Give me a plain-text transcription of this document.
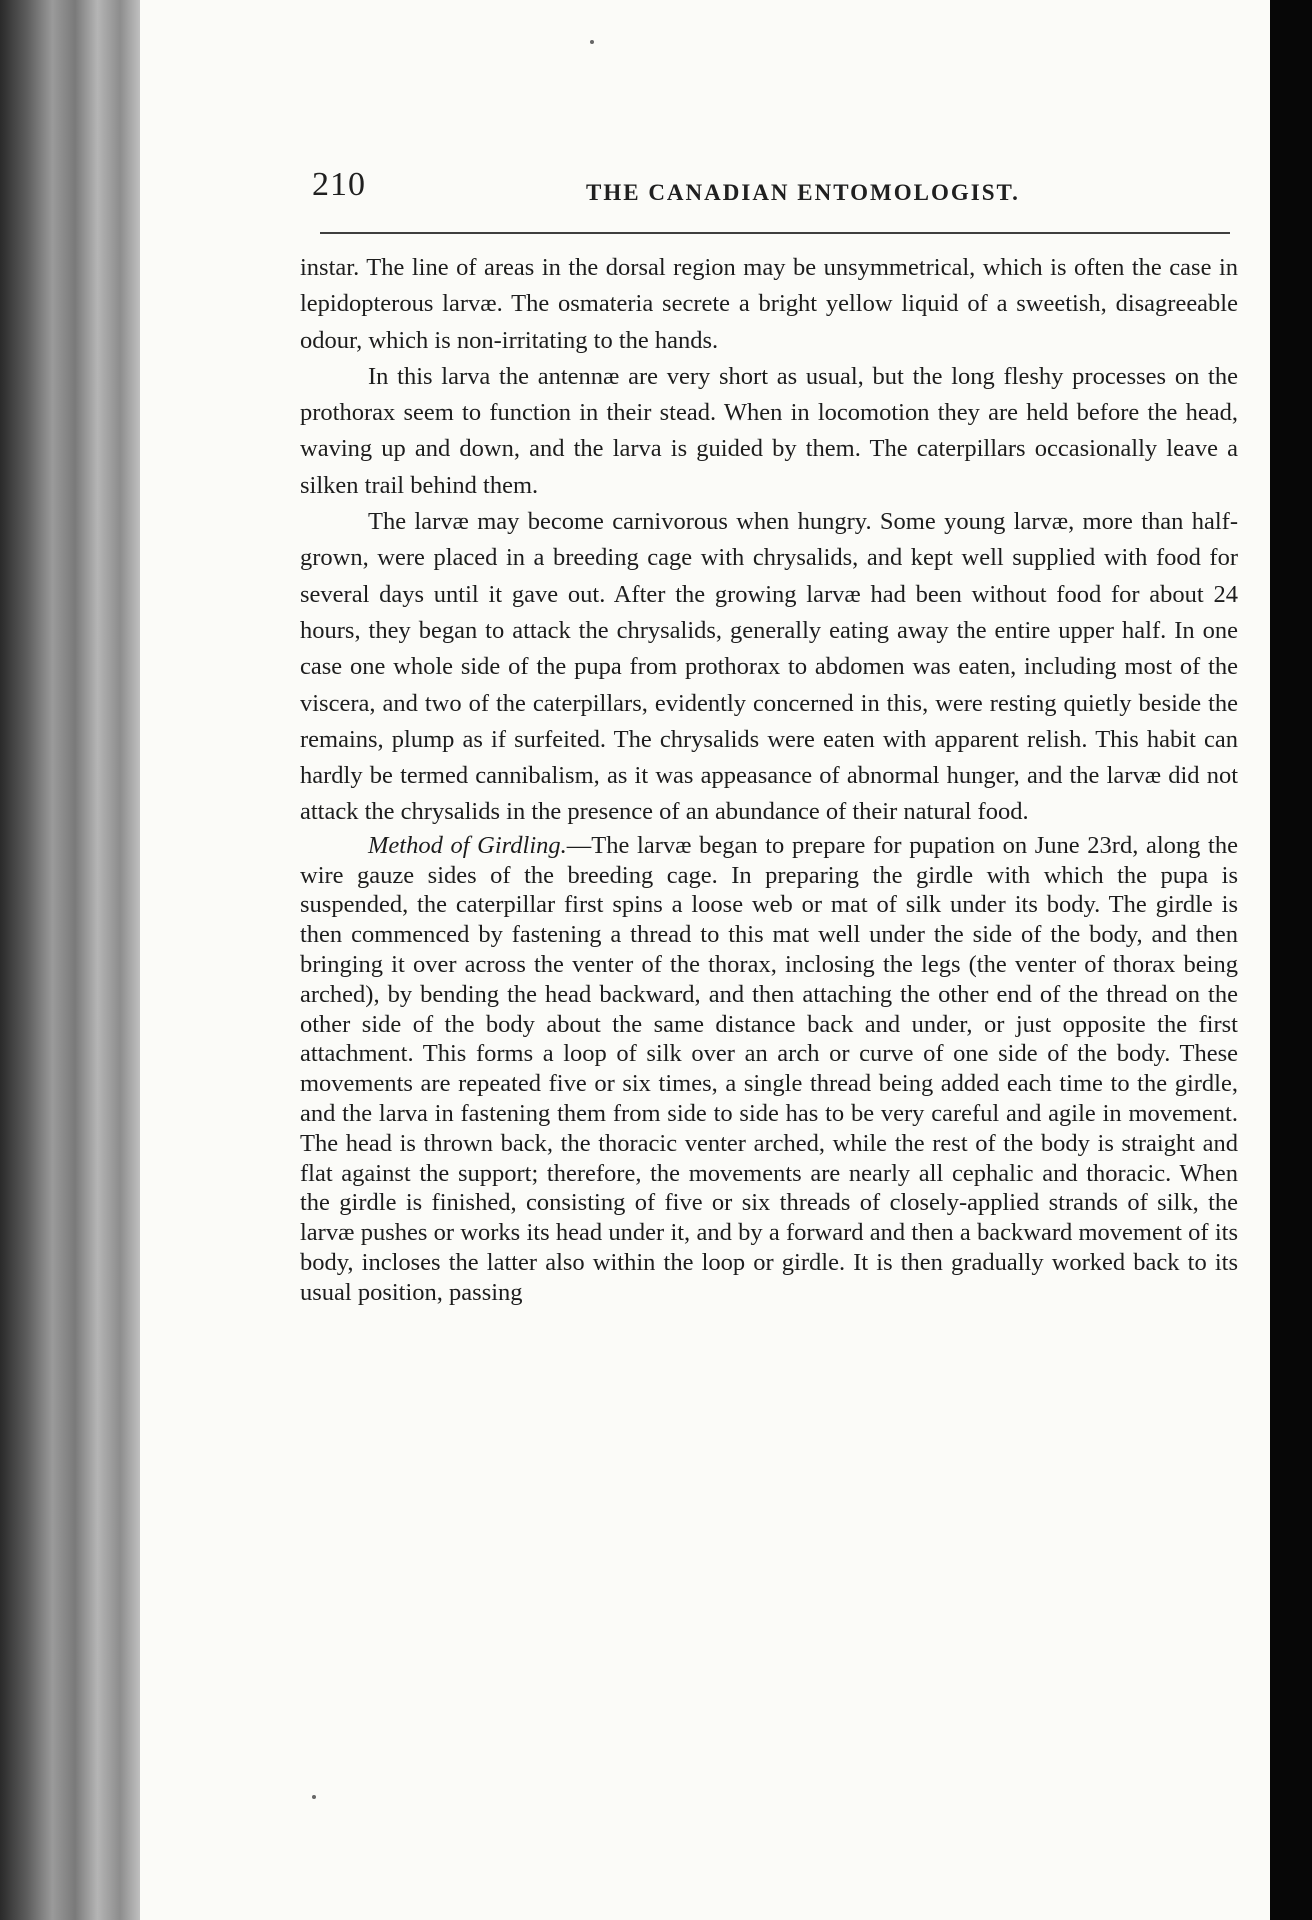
210	THE CANADIAN ENTOMOLOGIST.

instar. The line of areas in the dorsal region may be unsymmetrical, which is often the case in lepidopterous larvæ. The osmateria secrete a bright yellow liquid of a sweetish, disagreeable odour, which is non-irritating to the hands.

In this larva the antennæ are very short as usual, but the long fleshy processes on the prothorax seem to function in their stead. When in locomotion they are held before the head, waving up and down, and the larva is guided by them. The caterpillars occasionally leave a silken trail behind them.

The larvæ may become carnivorous when hungry. Some young larvæ, more than half-grown, were placed in a breeding cage with chrysalids, and kept well supplied with food for several days until it gave out. After the growing larvæ had been without food for about 24 hours, they began to attack the chrysalids, generally eating away the entire upper half. In one case one whole side of the pupa from prothorax to abdomen was eaten, including most of the viscera, and two of the caterpillars, evidently concerned in this, were resting quietly beside the remains, plump as if surfeited. The chrysalids were eaten with apparent relish. This habit can hardly be termed cannibalism, as it was appeasance of abnormal hunger, and the larvæ did not attack the chrysalids in the presence of an abundance of their natural food.

Method of Girdling.—The larvæ began to prepare for pupation on June 23rd, along the wire gauze sides of the breeding cage. In preparing the girdle with which the pupa is suspended, the caterpillar first spins a loose web or mat of silk under its body. The girdle is then commenced by fastening a thread to this mat well under the side of the body, and then bringing it over across the venter of the thorax, inclosing the legs (the venter of thorax being arched), by bending the head backward, and then attaching the other end of the thread on the other side of the body about the same distance back and under, or just opposite the first attachment. This forms a loop of silk over an arch or curve of one side of the body. These movements are repeated five or six times, a single thread being added each time to the girdle, and the larva in fastening them from side to side has to be very careful and agile in movement. The head is thrown back, the thoracic venter arched, while the rest of the body is straight and flat against the support; therefore, the movements are nearly all cephalic and thoracic. When the girdle is finished, consisting of five or six threads of closely-applied strands of silk, the larvæ pushes or works its head under it, and by a forward and then a backward movement of its body, incloses the latter also within the loop or girdle. It is then gradually worked back to its usual position, passing
